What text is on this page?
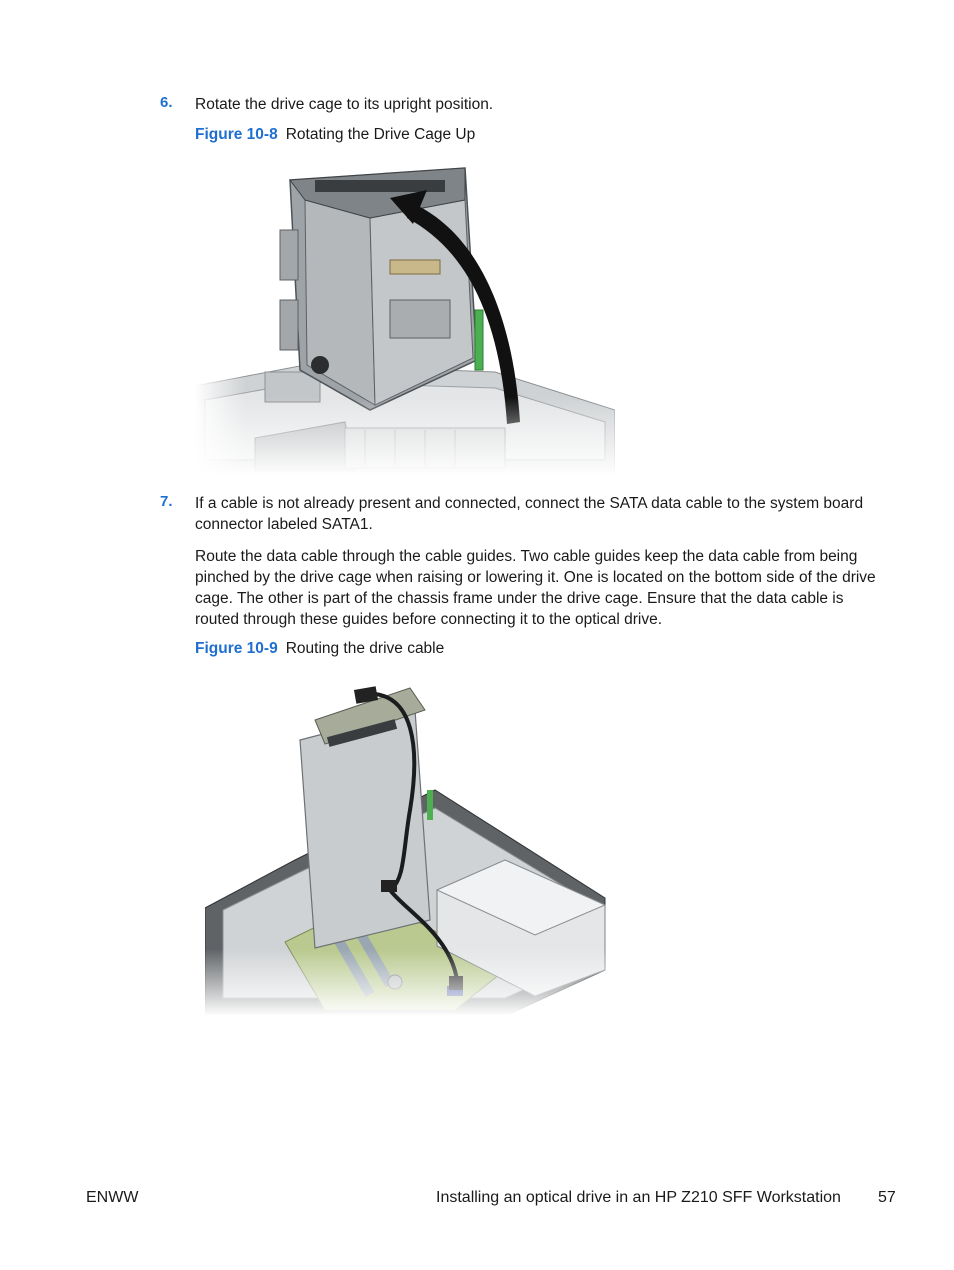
6. Rotate the drive cage to its upright position.
Figure 10-8 Rotating the Drive Cage Up
7. If a cable is not already present and connected, connect the SATA data cable to the system board connector labeled SATA1.
Route the data cable through the cable guides. Two cable guides keep the data cable from being pinched by the drive cage when raising or lowering it. One is located on the bottom side of the drive cage. The other is part of the chassis frame under the drive cage. Ensure that the data cable is routed through these guides before connecting it to the optical drive.
Figure 10-9 Routing the drive cable
ENWW	Installing an optical drive in an HP Z210 SFF Workstation 57
